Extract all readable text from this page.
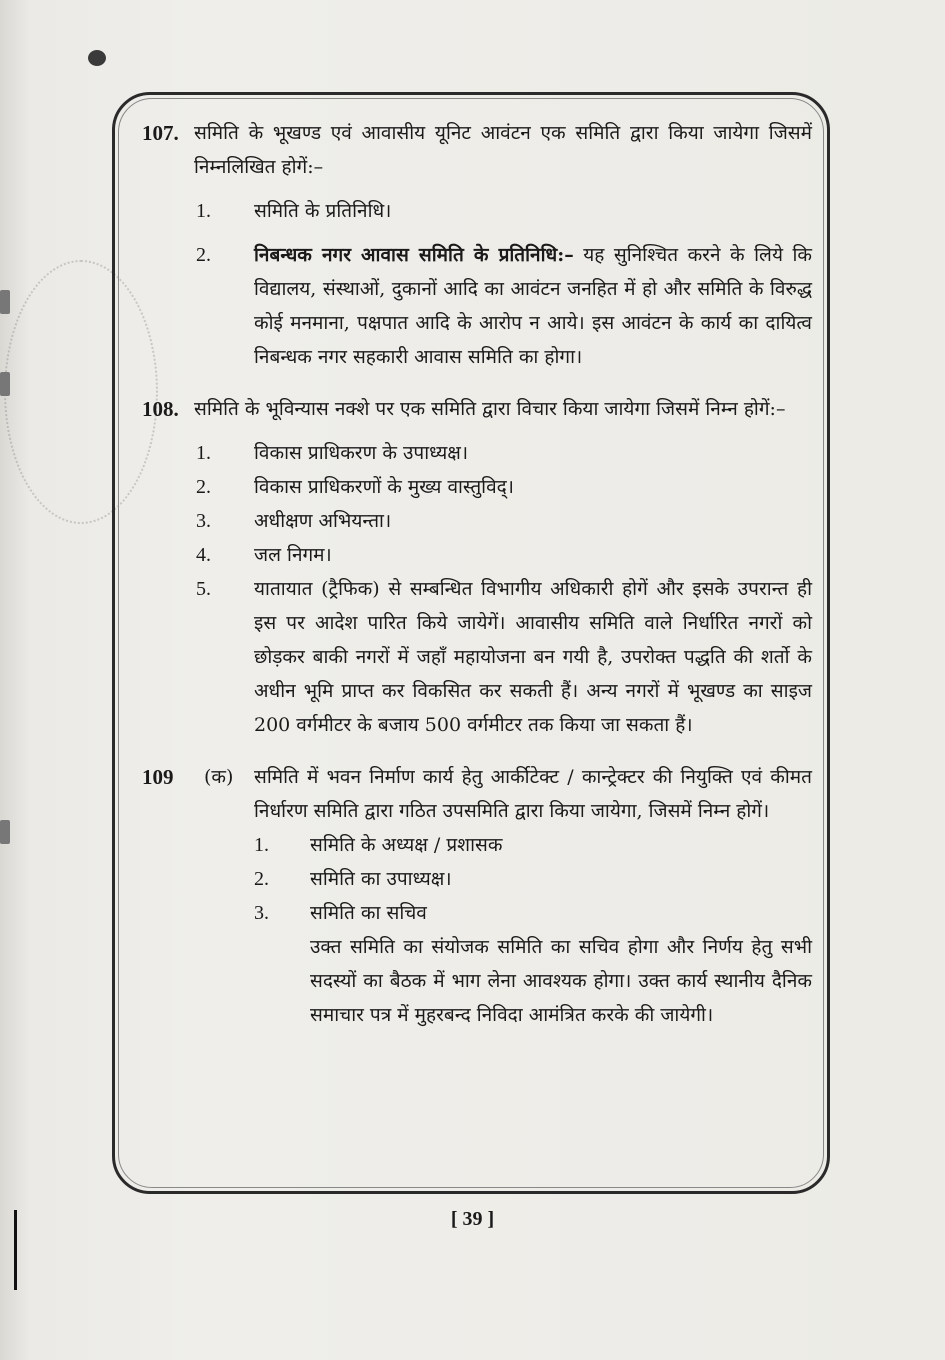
107. समिति के भूखण्ड एवं आवासीय यूनिट आवंटन एक समिति द्वारा किया जायेगा जिसमें निम्नलिखित होगें:–
1. समिति के प्रतिनिधि।
2. निबन्धक नगर आवास समिति के प्रतिनिधि:– यह सुनिश्चित करने के लिये कि विद्यालय, संस्थाओं, दुकानों आदि का आवंटन जनहित में हो और समिति के विरुद्ध कोई मनमाना, पक्षपात आदि के आरोप न आये। इस आवंटन के कार्य का दायित्व निबन्धक नगर सहकारी आवास समिति का होगा।
108. समिति के भूविन्यास नक्शे पर एक समिति द्वारा विचार किया जायेगा जिसमें निम्न होगें:–
1. विकास प्राधिकरण के उपाध्यक्ष।
2. विकास प्राधिकरणों के मुख्य वास्तुविद्।
3. अधीक्षण अभियन्ता।
4. जल निगम।
5. यातायात (ट्रैफिक) से सम्बन्धित विभागीय अधिकारी होगें और इसके उपरान्त ही इस पर आदेश पारित किये जायेगें। आवासीय समिति वाले निर्धारित नगरों को छोड़कर बाकी नगरों में जहाँ महायोजना बन गयी है, उपरोक्त पद्धति की शर्तो के अधीन भूमि प्राप्त कर विकसित कर सकती हैं। अन्य नगरों में भूखण्ड का साइज 200 वर्गमीटर के बजाय 500 वर्गमीटर तक किया जा सकता हैं।
109 (क) समिति में भवन निर्माण कार्य हेतु आर्कीटेक्ट / कान्ट्रेक्टर की नियुक्ति एवं कीमत निर्धारण समिति द्वारा गठित उपसमिति द्वारा किया जायेगा, जिसमें निम्न होगें।
1. समिति के अध्यक्ष / प्रशासक
2. समिति का उपाध्यक्ष।
3. समिति का सचिव
उक्त समिति का संयोजक समिति का सचिव होगा और निर्णय हेतु सभी सदस्यों का बैठक में भाग लेना आवश्यक होगा। उक्त कार्य स्थानीय दैनिक समाचार पत्र में मुहरबन्द निविदा आमंत्रित करके की जायेगी।
[ 39 ]
